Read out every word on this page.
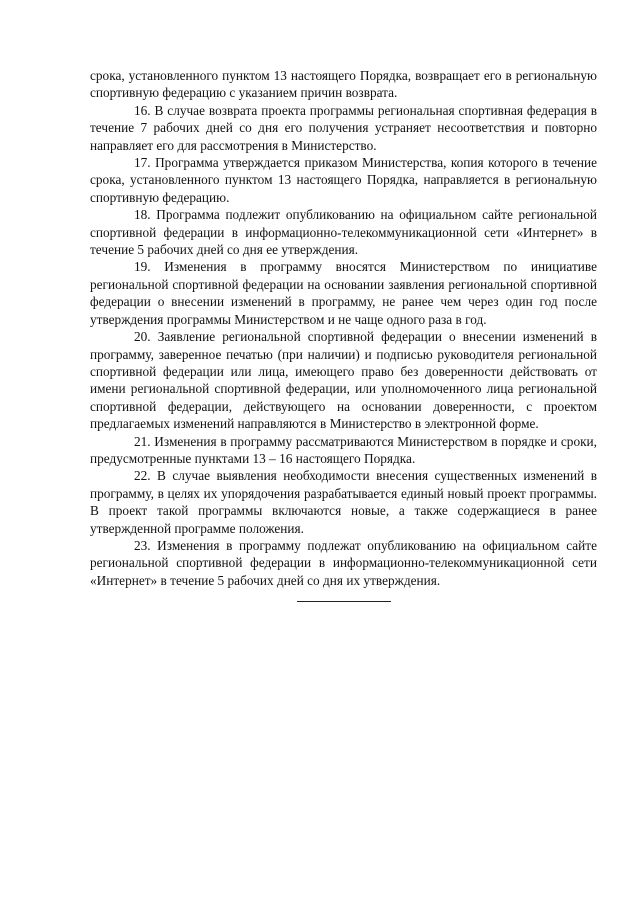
срока, установленного пунктом 13 настоящего Порядка, возвращает его в региональную спортивную федерацию с указанием причин возврата.

16. В случае возврата проекта программы региональная спортивная федерация в течение 7 рабочих дней со дня его получения устраняет несоответствия и повторно направляет его для рассмотрения в Министерство.

17. Программа утверждается приказом Министерства, копия которого в течение срока, установленного пунктом 13 настоящего Порядка, направляется в региональную спортивную федерацию.

18. Программа подлежит опубликованию на официальном сайте региональной спортивной федерации в информационно-телекоммуникационной сети «Интернет» в течение 5 рабочих дней со дня ее утверждения.

19. Изменения в программу вносятся Министерством по инициативе региональной спортивной федерации на основании заявления региональной спортивной федерации о внесении изменений в программу, не ранее чем через один год после утверждения программы Министерством и не чаще одного раза в год.

20. Заявление региональной спортивной федерации о внесении изменений в программу, заверенное печатью (при наличии) и подписью руководителя региональной спортивной федерации или лица, имеющего право без доверенности действовать от имени региональной спортивной федерации, или уполномоченного лица региональной спортивной федерации, действующего на основании доверенности, с проектом предлагаемых изменений направляются в Министерство в электронной форме.

21. Изменения в программу рассматриваются Министерством в порядке и сроки, предусмотренные пунктами 13 – 16 настоящего Порядка.

22. В случае выявления необходимости внесения существенных изменений в программу, в целях их упорядочения разрабатывается единый новый проект программы. В проект такой программы включаются новые, а также содержащиеся в ранее утвержденной программе положения.

23. Изменения в программу подлежат опубликованию на официальном сайте региональной спортивной федерации в информационно-телекоммуникационной сети «Интернет» в течение 5 рабочих дней со дня их утверждения.
